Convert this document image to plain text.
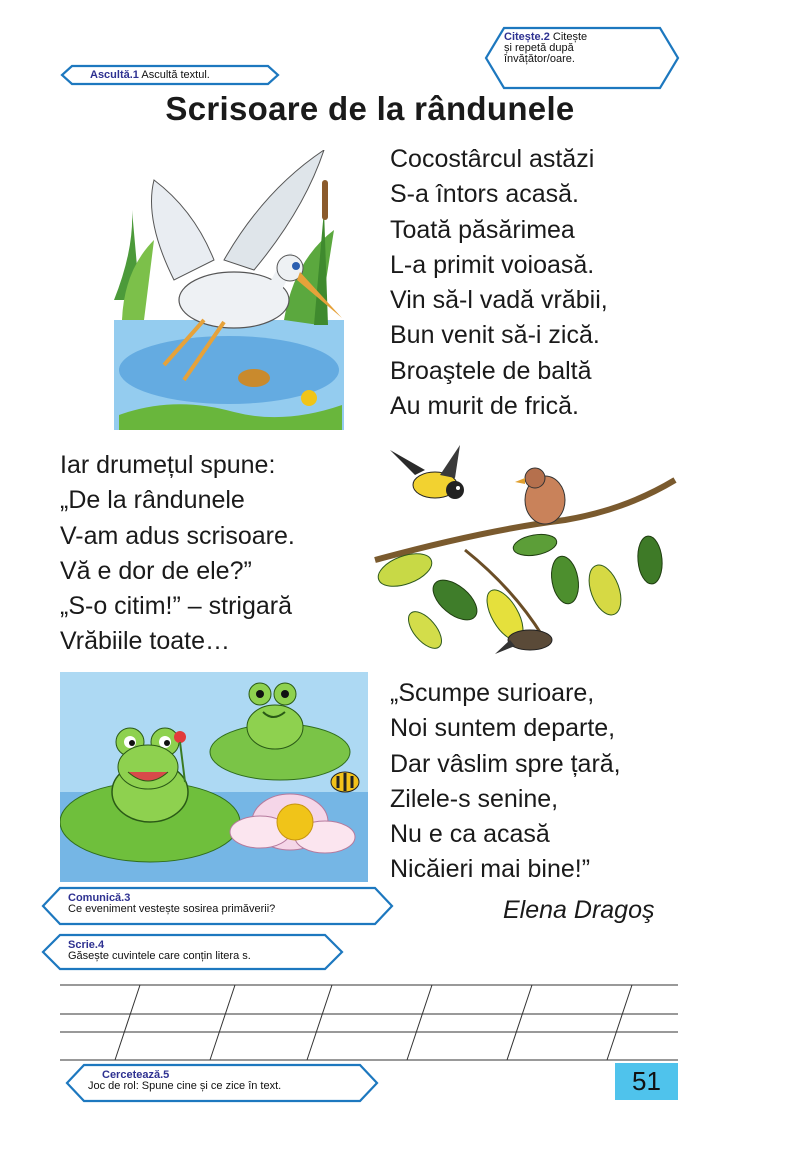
Ascultă.1 Ascultă textul.
Citește.2 Citește
și repetă după
învățător/oare.
Scrisoare de la rândunele
Cocostârcul astăzi
S-a întors acasă.
Toată păsărimea
L-a primit voioasă.
Vin să-l vadă vrăbii,
Bun venit să-i zică.
Broaştele de baltă
Au murit de frică.
Iar drumețul spune:
„De la rândunele
V-am adus scrisoare.
Vă e dor de ele?”
„S-o citim!” – strigară
Vrăbiile toate…
„Scumpe surioare,
Noi suntem departe,
Dar vâslim spre țară,
Zilele-s senine,
Nu e ca acasă
Nicăieri mai bine!”
Elena Dragoş
Comunică.3
Ce eveniment vestește sosirea primăverii?
Scrie.4
Găsește cuvintele care conțin litera s.
Cercetează.5
Joc de rol: Spune cine și ce zice în text.	51
